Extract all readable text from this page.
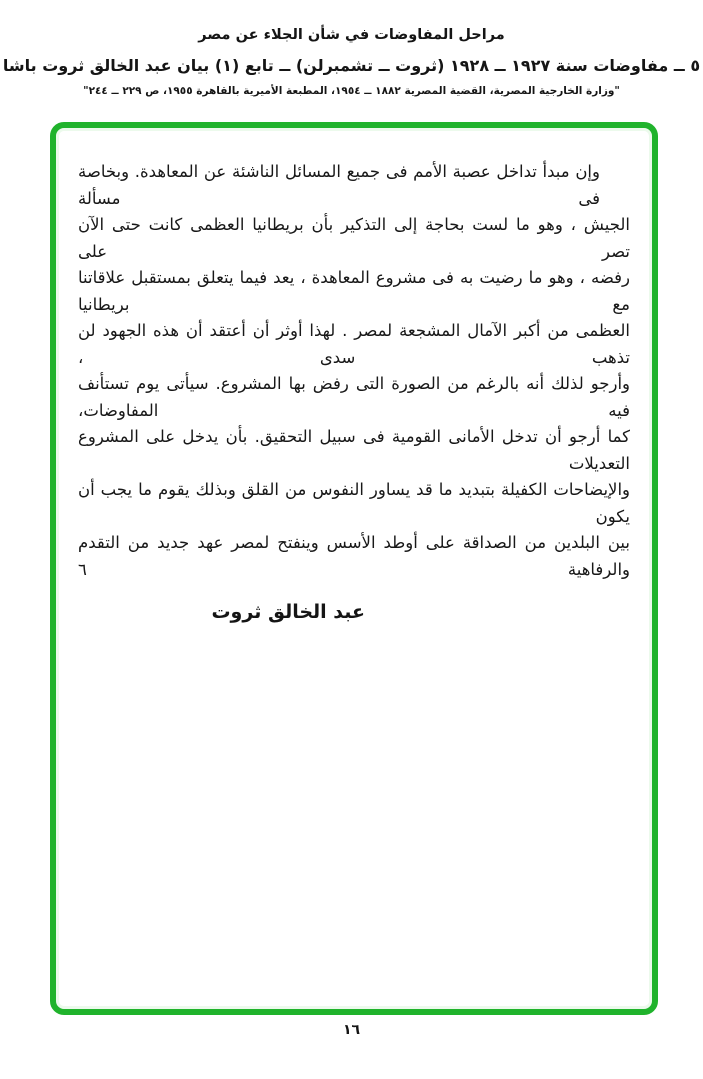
مراحل المفاوضات في شأن الجلاء عن مصر
٥ ــ مفاوضات سنة ١٩٢٧ ــ ١٩٢٨ (ثروت ــ تشمبرلن) ــ تابع (١) بيان عبد الخالق ثروت باشا
"وزارة الخارجية المصرية، القضية المصرية ١٨٨٢ ــ ١٩٥٤، المطبعة الأميرية بالقاهرة ١٩٥٥، ص ٢٢٩ ــ ٢٤٤"
وإن مبدأ تداخل عصبة الأمم فى جميع المسائل الناشئة عن المعاهدة. وبخاصة فى مسألة
الجيش ، وهو ما لست بحاجة إلى التذكير بأن بريطانيا العظمى كانت حتى الآن تصر على
رفضه ، وهو ما رضيت به فى مشروع المعاهدة ، يعد فيما يتعلق بمستقبل علاقاتنا مع بريطانيا
العظمى من أكبر الآمال المشجعة لمصر . لهذا أوثر أن أعتقد أن هذه الجهود لن تذهب سدى ،
وأرجو لذلك أنه بالرغم من الصورة التى رفض بها المشروع. سيأتى يوم تستأنف فيه المفاوضات،
كما أرجو أن تدخل الأمانى القومية فى سبيل التحقيق. بأن يدخل على المشروع التعديلات
والإيضاحات الكفيلة بتبديد ما قد يساور النفوس من القلق وبذلك يقوم ما يجب أن يكون
بين البلدين من الصداقة على أوطد الأسس وينفتح لمصر عهد جديد من التقدم والرفاهية ٦
عبد الخالق ثروت
١٦
